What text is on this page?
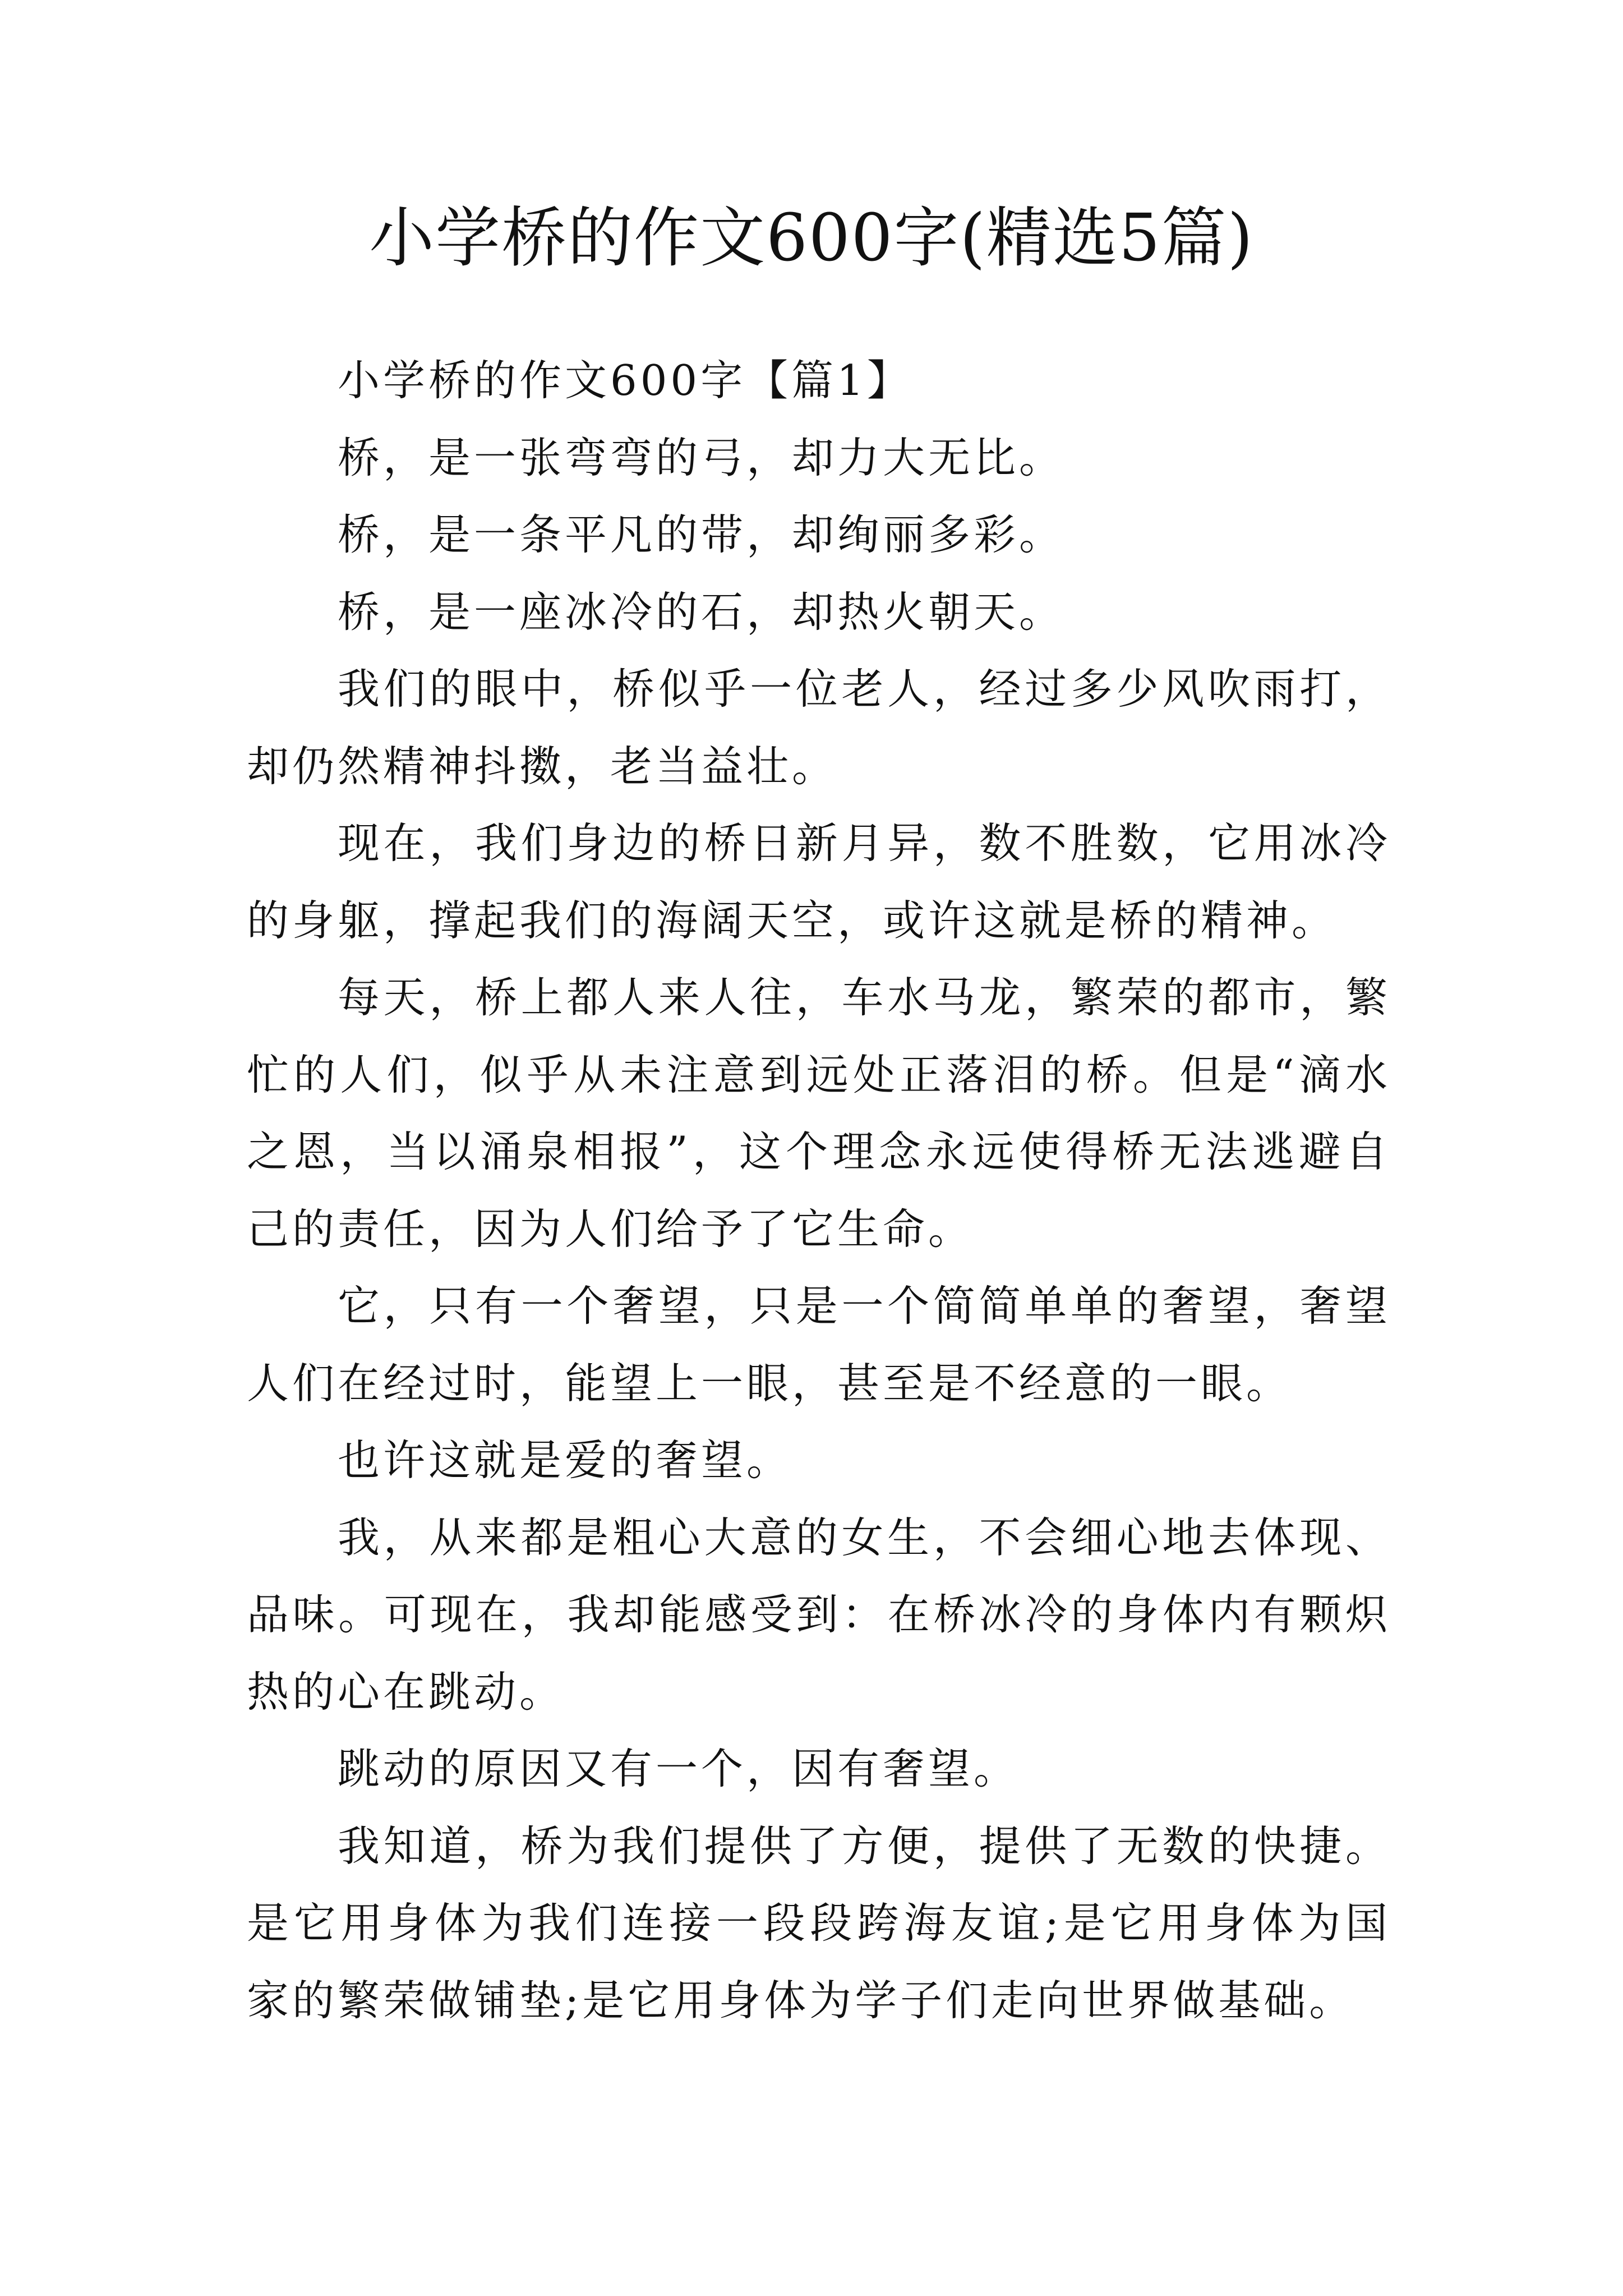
小学桥的作文600字(精选5篇)

小学桥的作文600字【篇1】

桥，是一张弯弯的弓，却力大无比。

桥，是一条平凡的带，却绚丽多彩。

桥，是一座冰冷的石，却热火朝天。

我们的眼中，桥似乎一位老人，经过多少风吹雨打，却仍然精神抖擞，老当益壮。

现在，我们身边的桥日新月异，数不胜数，它用冰冷的身躯，撑起我们的海阔天空，或许这就是桥的精神。

每天，桥上都人来人往，车水马龙，繁荣的都市，繁忙的人们，似乎从未注意到远处正落泪的桥。但是“滴水之恩，当以涌泉相报”，这个理念永远使得桥无法逃避自己的责任，因为人们给予了它生命。

它，只有一个奢望，只是一个简简单单的奢望，奢望人们在经过时，能望上一眼，甚至是不经意的一眼。

也许这就是爱的奢望。

我，从来都是粗心大意的女生，不会细心地去体现、品味。可现在，我却能感受到：在桥冰冷的身体内有颗炽热的心在跳动。

跳动的原因又有一个，因有奢望。

我知道，桥为我们提供了方便，提供了无数的快捷。是它用身体为我们连接一段段跨海友谊;是它用身体为国家的繁荣做铺垫;是它用身体为学子们走向世界做基础。
